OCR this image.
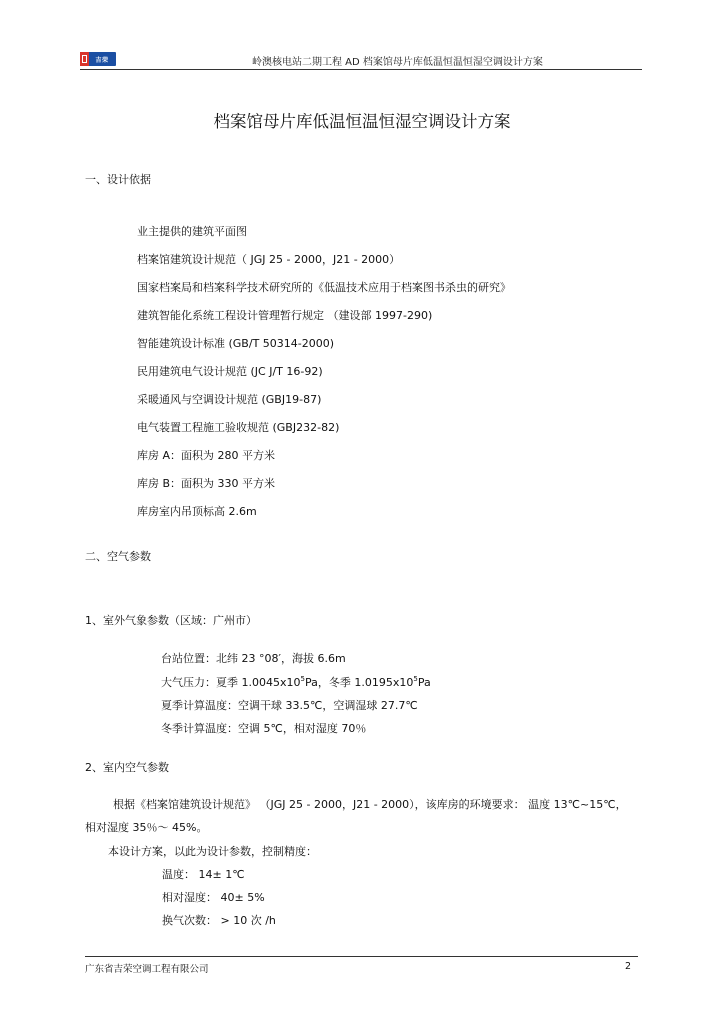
吉荣	岭澳核电站二期工程 AD 档案馆母片库低温恒温恒湿空调设计方案
档案馆母片库低温恒温恒湿空调设计方案
一、设计依据
业主提供的建筑平面图
档案馆建筑设计规范（ JGJ 25 - 2000，J21 - 2000）
国家档案局和档案科学技术研究所的《低温技术应用于档案图书杀虫的研究》
建筑智能化系统工程设计管理暂行规定 （建设部 1997-290)
智能建筑设计标准 (GB/T 50314-2000)
民用建筑电气设计规范 (JC J/T 16-92)
采暖通风与空调设计规范 (GBJ19-87)
电气装置工程施工验收规范 (GBJ232-82)
库房 A：面积为 280 平方米
库房 B：面积为 330 平方米
库房室内吊顶标高 2.6m
二、空气参数
1、室外气象参数（区域：广州市）
台站位置：北纬 23 °08′，海拔 6.6m
大气压力：夏季 $1.0045x10^5Pa$，冬季 $1.0195x10^5Pa$
夏季计算温度：空调干球 33.5℃，空调湿球 27.7℃
冬季计算温度：空调 5℃，相对湿度 70％
2、室内空气参数
根据《档案馆建筑设计规范》 （JGJ 25 - 2000，J21 - 2000），该库房的环境要求： 温度 13℃~15℃，
相对湿度 35％～ 45%。
本设计方案，以此为设计参数，控制精度：
温度： 14± 1℃
相对湿度： 40± 5%
换气次数： > 10 次 /h
广东省吉荣空调工程有限公司	2
